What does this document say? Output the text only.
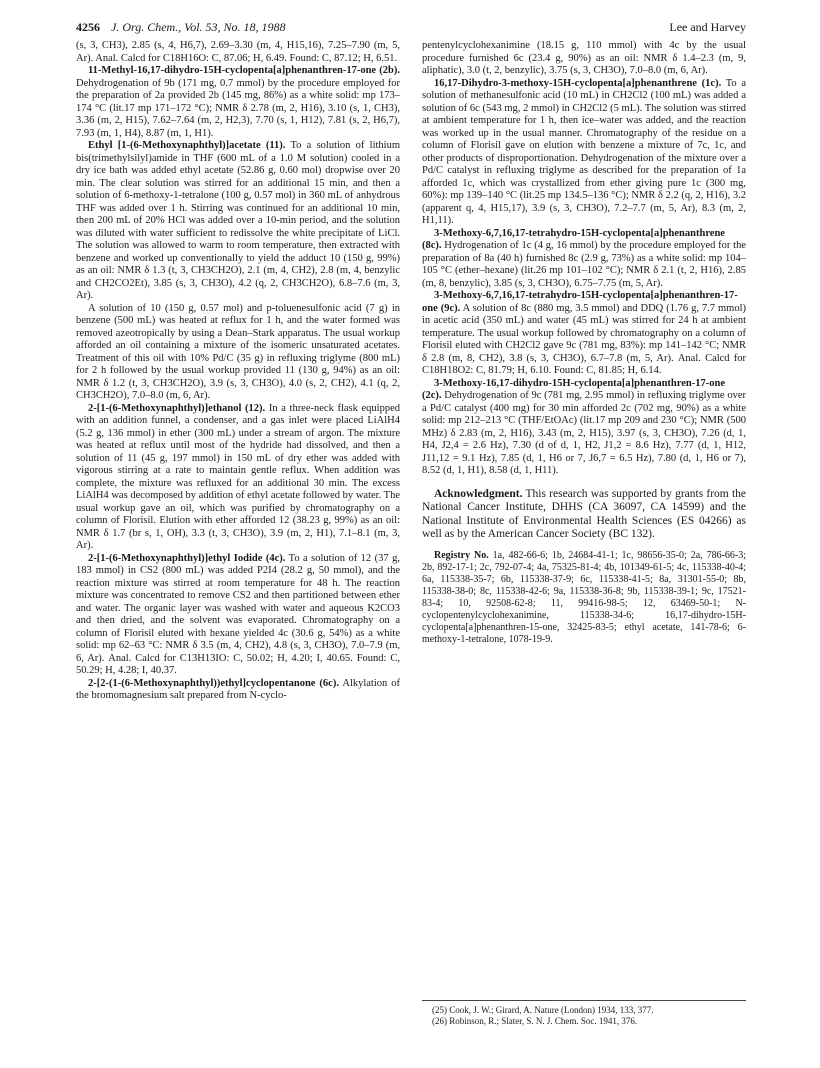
4256 J. Org. Chem., Vol. 53, No. 18, 1988	Lee and Harvey

(s, 3, CH3), 2.85 (s, 4, H6,7), 2.69–3.30 (m, 4, H15,16), 7.25–7.90 (m, 5, Ar). Anal. Calcd for C18H16O: C, 87.06; H, 6.49. Found: C, 87.12; H, 6.51.

11-Methyl-16,17-dihydro-15H-cyclopenta[a]phenanthren-17-one (2b). Dehydrogenation of 9b (171 mg, 0.7 mmol) by the procedure employed for the preparation of 2a provided 2b (145 mg, 86%) as a white solid: mp 173–174 °C (lit.17 mp 171–172 °C); NMR δ 2.78 (m, 2, H16), 3.10 (s, 1, CH3), 3.36 (m, 2, H15), 7.62–7.64 (m, 2, H2,3), 7.70 (s, 1, H12), 7.81 (s, 2, H6,7), 7.93 (m, 1, H4), 8.87 (m, 1, H1).

Ethyl [1-(6-Methoxynaphthyl)]acetate (11). To a solution of lithium bis(trimethylsilyl)amide in THF (600 mL of a 1.0 M solution) cooled in a dry ice bath was added ethyl acetate (52.86 g, 0.60 mol) dropwise over 20 min. The clear solution was stirred for an additional 15 min, and then a solution of 6-methoxy-1-tetralone (100 g, 0.57 mol) in 360 mL of anhydrous THF was added over 1 h. Stirring was continued for an additional 10 min, then 200 mL of 20% HCl was added over a 10-min period, and the solution was diluted with water sufficient to redissolve the white precipitate of LiCl. The solution was allowed to warm to room temperature, then extracted with benzene and worked up conventionally to yield the adduct 10 (150 g, 99%) as an oil: NMR δ 1.3 (t, 3, CH3CH2O), 2.1 (m, 4, CH2), 2.8 (m, 4, benzylic and CH2CO2Et), 3.85 (s, 3, CH3O), 4.2 (q, 2, CH3CH2O), 6.8–7.6 (m, 3, Ar).

A solution of 10 (150 g, 0.57 mol) and p-toluenesulfonic acid (7 g) in benzene (500 mL) was heated at reflux for 1 h, and the water formed was removed azeotropically by using a Dean–Stark apparatus. The usual workup afforded an oil containing a mixture of the isomeric unsaturated acetates. Treatment of this oil with 10% Pd/C (35 g) in refluxing triglyme (800 mL) for 2 h followed by the usual workup provided 11 (130 g, 94%) as an oil: NMR δ 1.2 (t, 3, CH3CH2O), 3.9 (s, 3, CH3O), 4.0 (s, 2, CH2), 4.1 (q, 2, CH3CH2O), 7.0–8.0 (m, 6, Ar).

2-[1-(6-Methoxynaphthyl)]ethanol (12). In a three-neck flask equipped with an addition funnel, a condenser, and a gas inlet were placed LiAlH4 (5.2 g, 136 mmol) in ether (300 mL) under a stream of argon. The mixture was heated at reflux until most of the hydride had dissolved, and then a solution of 11 (45 g, 197 mmol) in 150 mL of dry ether was added with vigorous stirring at a rate to maintain gentle reflux. When addition was complete, the mixture was refluxed for an additional 30 min. The excess LiAlH4 was decomposed by addition of ethyl acetate followed by water. The usual workup gave an oil, which was purified by chromatography on a column of Florisil. Elution with ether afforded 12 (38.23 g, 99%) as an oil: NMR δ 1.7 (br s, 1, OH), 3.3 (t, 3, CH3O), 3.9 (m, 2, H1), 7.1–8.1 (m, 3, Ar).

2-[1-(6-Methoxynaphthyl)]ethyl Iodide (4c). To a solution of 12 (37 g, 183 mmol) in CS2 (800 mL) was added P2I4 (28.2 g, 50 mmol), and the reaction mixture was stirred at room temperature for 48 h. The reaction mixture was concentrated to remove CS2 and then partitioned between ether and water. The organic layer was washed with water and aqueous K2CO3 and then dried, and the solvent was evaporated. Chromatography on a column of Florisil eluted with hexane yielded 4c (30.6 g, 54%) as a white solid: mp 62–63 °C: NMR δ 3.5 (m, 4, CH2), 4.8 (s, 3, CH3O), 7.0–7.9 (m, 6, Ar). Anal. Calcd for C13H13IO: C, 50.02; H, 4.20; I, 40.65. Found: C, 50.29; H, 4.28; I, 40.37.

2-[2-(1-(6-Methoxynaphthyl))ethyl]cyclopentanone (6c). Alkylation of the bromomagnesium salt prepared from N-cyclo-

pentenylcyclohexanimine (18.15 g, 110 mmol) with 4c by the usual procedure furnished 6c (23.4 g, 90%) as an oil: NMR δ 1.4–2.3 (m, 9, aliphatic), 3.0 (t, 2, benzylic), 3.75 (s, 3, CH3O), 7.0–8.0 (m, 6, Ar).

16,17-Dihydro-3-methoxy-15H-cyclopenta[a]phenanthrene (1c). To a solution of methanesulfonic acid (10 mL) in CH2Cl2 (100 mL) was added a solution of 6c (543 mg, 2 mmol) in CH2Cl2 (5 mL). The solution was stirred at ambient temperature for 1 h, then ice–water was added, and the reaction was worked up in the usual manner. Chromatography of the residue on a column of Florisil gave on elution with benzene a mixture of 7c, 1c, and other products of disproportionation. Dehydrogenation of the mixture over a Pd/C catalyst in refluxing triglyme as described for the preparation of 1a afforded 1c, which was crystallized from ether giving pure 1c (300 mg, 60%): mp 139–140 °C (lit.25 mp 134.5–136 °C); NMR δ 2.2 (q, 2, H16), 3.2 (apparent q, 4, H15,17), 3.9 (s, 3, CH3O), 7.2–7.7 (m, 5, Ar), 8.3 (m, 2, H1,11).

3-Methoxy-6,7,16,17-tetrahydro-15H-cyclopenta[a]phenanthrene (8c). Hydrogenation of 1c (4 g, 16 mmol) by the procedure employed for the preparation of 8a (40 h) furnished 8c (2.9 g, 73%) as a white solid: mp 104–105 °C (ether–hexane) (lit.26 mp 101–102 °C); NMR δ 2.1 (t, 2, H16), 2.85 (m, 8, benzylic), 3.85 (s, 3, CH3O), 6.75–7.75 (m, 5, Ar).

3-Methoxy-6,7,16,17-tetrahydro-15H-cyclopenta[a]phenanthren-17-one (9c). A solution of 8c (880 mg, 3.5 mmol) and DDQ (1.76 g, 7.7 mmol) in acetic acid (350 mL) and water (45 mL) was stirred for 24 h at ambient temperature. The usual workup followed by chromatography on a column of Florisil eluted with CH2Cl2 gave 9c (781 mg, 83%): mp 141–142 °C; NMR δ 2.8 (m, 8, CH2), 3.8 (s, 3, CH3O), 6.7–7.8 (m, 5, Ar). Anal. Calcd for C18H18O2: C, 81.79; H, 6.10. Found: C, 81.85; H, 6.14.

3-Methoxy-16,17-dihydro-15H-cyclopenta[a]phenanthren-17-one (2c). Dehydrogenation of 9c (781 mg, 2.95 mmol) in refluxing triglyme over a Pd/C catalyst (400 mg) for 30 min afforded 2c (702 mg, 90%) as a white solid: mp 212–213 °C (THF/EtOAc) (lit.17 mp 209 and 230 °C); NMR (500 MHz) δ 2.83 (m, 2, H16), 3.43 (m, 2, H15), 3.97 (s, 3, CH3O), 7.26 (d, 1, H4, J2,4 = 2.6 Hz), 7.30 (d of d, 1, H2, J1,2 = 8.6 Hz), 7.77 (d, 1, H12, J11,12 = 9.1 Hz), 7.85 (d, 1, H6 or 7, J6,7 = 6.5 Hz), 7.80 (d, 1, H6 or 7), 8.52 (d, 1, H1), 8.58 (d, 1, H11).

Acknowledgment. This research was supported by grants from the National Cancer Institute, DHHS (CA 36097, CA 14599) and the National Institute of Environmental Health Sciences (ES 04266) as well as by the American Cancer Society (BC 132).

Registry No. 1a, 482-66-6; 1b, 24684-41-1; 1c, 98656-35-0; 2a, 786-66-3; 2b, 892-17-1; 2c, 792-07-4; 4a, 75325-81-4; 4b, 101349-61-5; 4c, 115338-40-4; 6a, 115338-35-7; 6b, 115338-37-9; 6c, 115338-41-5; 8a, 31301-55-0; 8b, 115338-38-0; 8c, 115338-42-6; 9a, 115338-36-8; 9b, 115338-39-1; 9c, 17521-83-4; 10, 92508-62-8; 11, 99416-98-5; 12, 63469-50-1; N-cyclopentenylcyclohexanimine, 115338-34-6; 16,17-dihydro-15H-cyclopenta[a]phenanthren-15-one, 32425-83-5; ethyl acetate, 141-78-6; 6-methoxy-1-tetralone, 1078-19-9.

(25) Cook, J. W.; Girard, A. Nature (London) 1934, 133, 377.
(26) Robinson, R.; Slater, S. N. J. Chem. Soc. 1941, 376.
